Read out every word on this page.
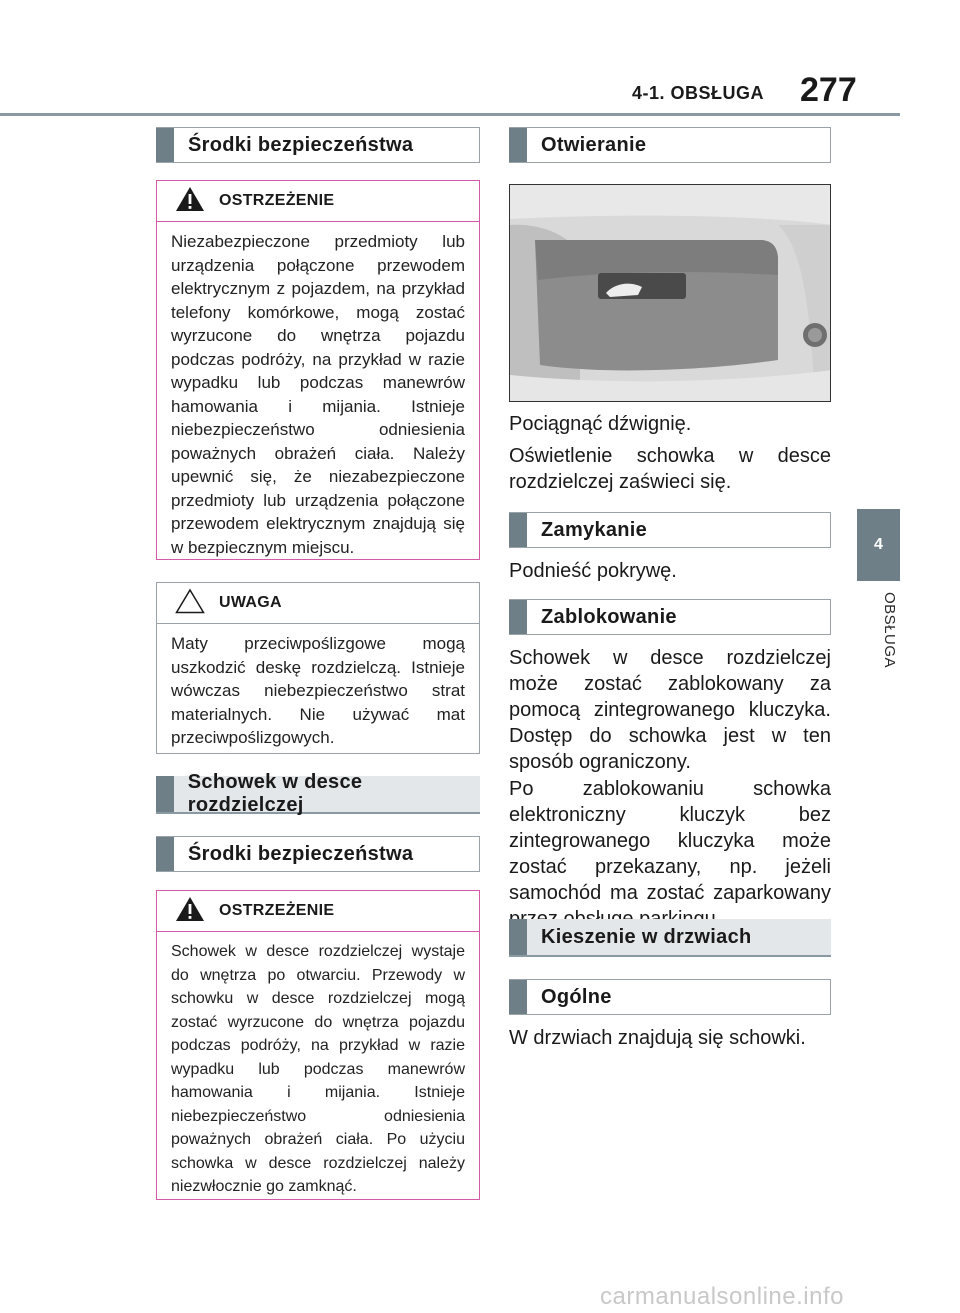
4-1. OBSŁUGA 277
4
OBSŁUGA
Środki bezpieczeństwa
OSTRZEŻENIE
Niezabezpieczone przedmioty lub urządzenia połączone przewodem elektrycznym z pojazdem, na przykład telefony komórkowe, mogą zostać wyrzucone do wnętrza pojazdu podczas podróży, na przykład w razie wypadku lub podczas manewrów hamowania i mijania. Istnieje niebezpieczeństwo odniesienia poważnych obrażeń ciała. Należy upewnić się, że niezabezpieczone przedmioty lub urządzenia połączone przewodem elektrycznym znajdują się w bezpiecznym miejscu.
UWAGA
Maty przeciwpoślizgowe mogą uszkodzić deskę rozdzielczą. Istnieje wówczas niebezpieczeństwo strat materialnych. Nie używać mat przeciwpoślizgowych.
Schowek w desce rozdzielczej
Środki bezpieczeństwa
OSTRZEŻENIE
Schowek w desce rozdzielczej wystaje do wnętrza po otwarciu. Przewody w schowku w desce rozdzielczej mogą zostać wyrzucone do wnętrza pojazdu podczas podróży, na przykład w razie wypadku lub podczas manewrów hamowania i mijania. Istnieje niebezpieczeństwo odniesienia poważnych obrażeń ciała. Po użyciu schowka w desce rozdzielczej należy niezwłocznie go zamknąć.
Otwieranie
Pociągnąć dźwignię.
Oświetlenie schowka w desce rozdzielczej zaświeci się.
Zamykanie
Podnieść pokrywę.
Zablokowanie
Schowek w desce rozdzielczej może zostać zablokowany za pomocą zintegrowanego kluczyka. Dostęp do schowka jest w ten sposób ograniczony.
Po zablokowaniu schowka elektroniczny kluczyk bez zintegrowanego kluczyka może zostać przekazany, np. jeżeli samochód ma zostać zaparkowany
Kieszenie w drzwiach
Ogólne
W drzwiach znajdują się schowki.
carmanualsonline.info
